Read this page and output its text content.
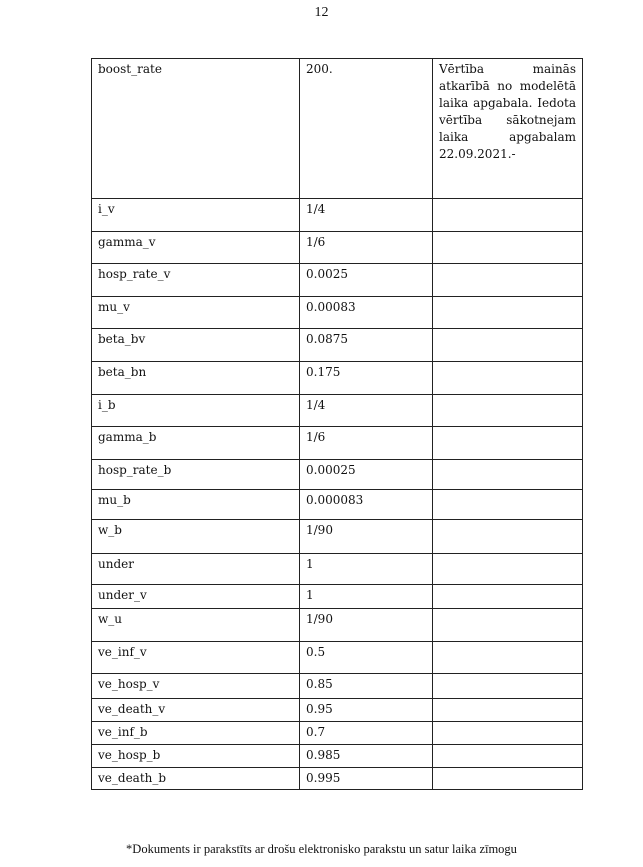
12
boost_rate	200.	Vērtība mainās atkarībā no modelētā laika apgabala. Iedota vērtība sākotnejam laika apgabalam 22.09.2021.-
i_v	1/4	
gamma_v	1/6	
hosp_rate_v	0.0025	
mu_v	0.00083	
beta_bv	0.0875	
beta_bn	0.175	
i_b	1/4	
gamma_b	1/6	
hosp_rate_b	0.00025	
mu_b	0.000083	
w_b	1/90	
under	1	
under_v	1	
w_u	1/90	
ve_inf_v	0.5	
ve_hosp_v	0.85	
ve_death_v	0.95	
ve_inf_b	0.7	
ve_hosp_b	0.985	
ve_death_b	0.995	
*Dokuments ir parakstīts ar drošu elektronisko parakstu un satur laika zīmogu
